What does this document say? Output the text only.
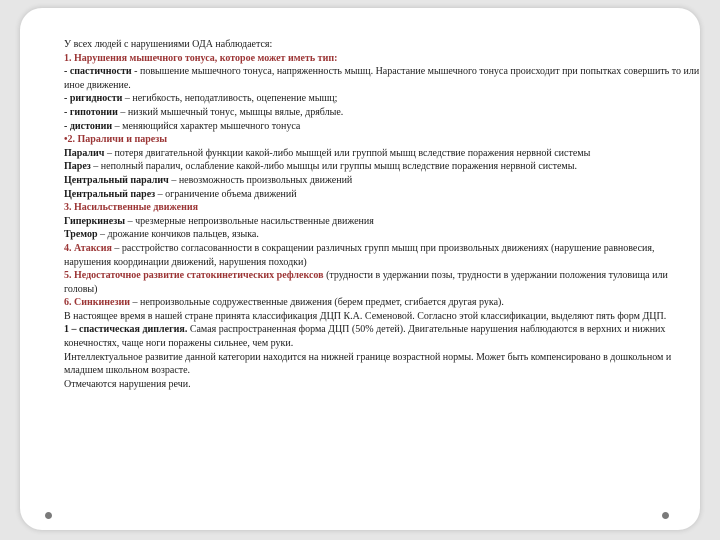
У всех людей с нарушениями ОДА наблюдается:

1. Нарушения мышечного тонуса, которое может иметь тип:

- спастичности - повышение мышечного тонуса, напряженность мышц. Нарастание мышечного тонуса происходит при попытках совершить то или иное движение.

- ригидности – негибкость, неподатливость, оцепенение мышц;

- гипотонии – низкий мышечный тонус, мышцы вялые, дряблые.

- дистонии – меняющийся характер мышечного тонуса

•2. Параличи и парезы

Паралич – потеря двигательной функции какой-либо мышцей или группой мышц вследствие поражения нервной системы

Парез – неполный паралич, ослабление какой-либо мышцы или группы мышц вследствие поражения нервной системы.

Центральный паралич – невозможность произвольных движений

Центральный парез – ограничение объема движений

3. Насильственные движения

Гиперкинезы – чрезмерные непроизвольные насильственные движения

Тремор – дрожание кончиков пальцев, языка.

4. Атаксия – расстройство согласованности в сокращении различных групп мышц при произвольных движениях (нарушение равновесия, нарушения координации движений, нарушения походки)

5. Недостаточное развитие статокинетических рефлексов (трудности в удержании позы, трудности в удержании положения туловища или головы)

6. Синкинезии – непроизвольные содружественные движения (берем предмет, сгибается другая рука).

В настоящее время в нашей стране принята классификация ДЦП К.А. Семеновой. Согласно этой классификации, выделяют пять форм ДЦП.

1 – спастическая диплегия. Самая распространенная форма ДЦП (50% детей). Двигательные нарушения наблюдаются в верхних и нижних конечностях, чаще ноги поражены сильнее, чем руки.

Интеллектуальное развитие данной категории находится на нижней границе возрастной нормы. Может быть компенсировано в дошкольном и младшем школьном возрасте.

Отмечаются нарушения речи.
